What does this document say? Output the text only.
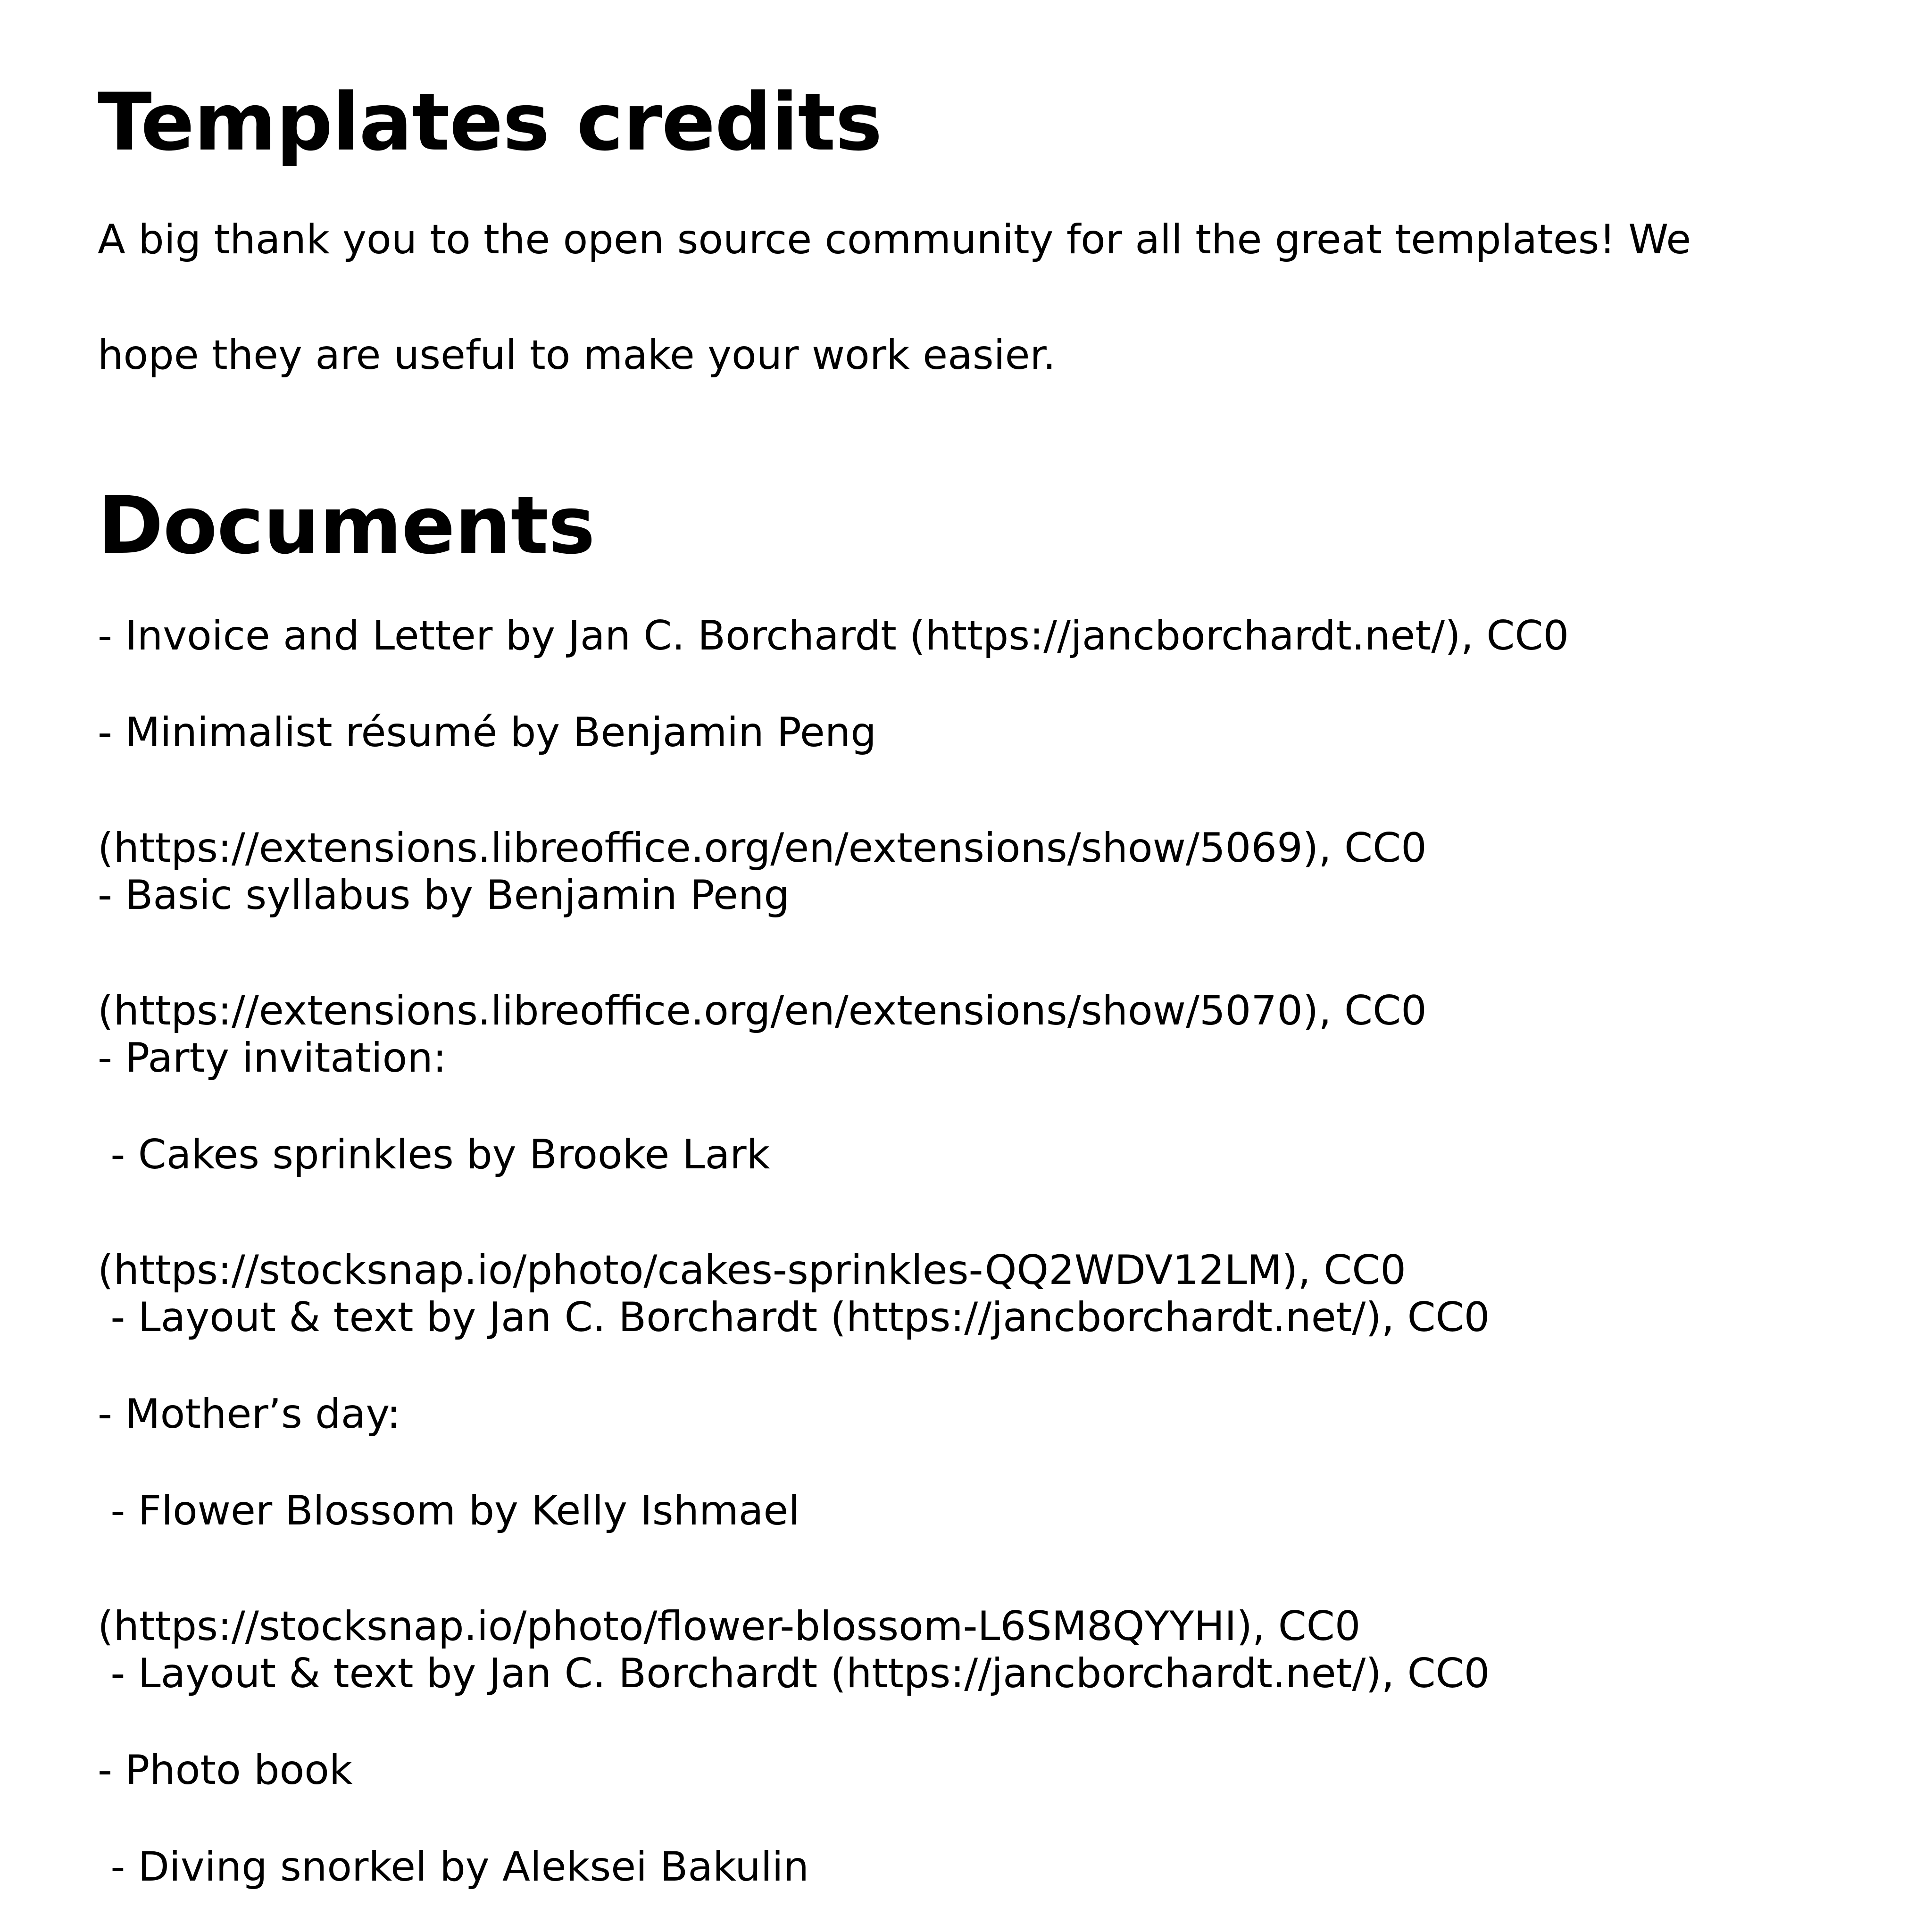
Templates credits

A big thank you to the open source community for all the great templates! We

hope they are useful to make your work easier.

Documents

- Invoice and Letter by Jan C. Borchardt (https://jancborchardt.net/), CC0

- Minimalist résumé by Benjamin Peng

(https://extensions.libreoffice.org/en/extensions/show/5069), CC0

- Basic syllabus by Benjamin Peng

(https://extensions.libreoffice.org/en/extensions/show/5070), CC0

- Party invitation:

- Cakes sprinkles by Brooke Lark

(https://stocksnap.io/photo/cakes-sprinkles-QQ2WDV12LM), CC0

- Layout & text by Jan C. Borchardt (https://jancborchardt.net/), CC0

- Mother’s day:

- Flower Blossom by Kelly Ishmael

(https://stocksnap.io/photo/flower-blossom-L6SM8QYYHI), CC0

- Layout & text by Jan C. Borchardt (https://jancborchardt.net/), CC0

- Photo book

- Diving snorkel by Aleksei Bakulin
